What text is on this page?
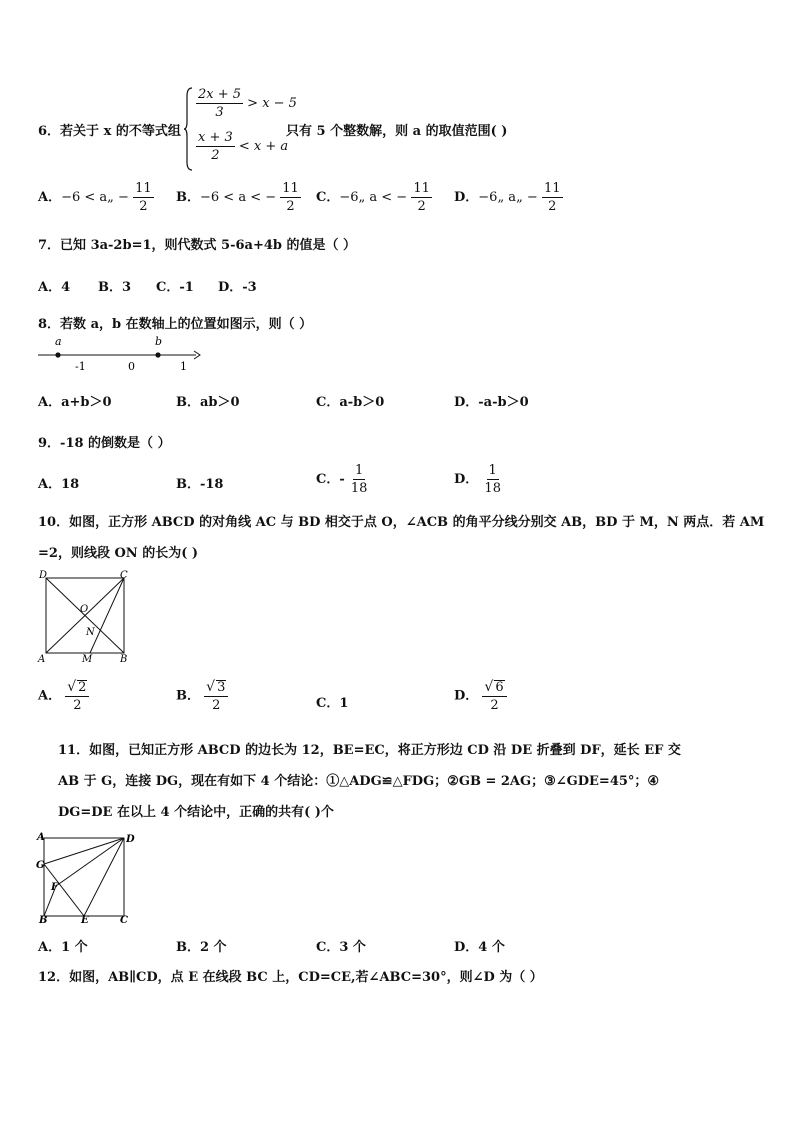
6．若关于 x 的不等式组
$\frac{2x + 5}{3} > x - 5$
$\frac{x + 3}{2} < x + a$
只有 5 个整数解，则 a 的取值范围( )
A．−6 < a„ − $\frac{11}{2}$ B．−6 < a < − $\frac{11}{2}$ C．−6„ a < − $\frac{11}{2}$ D．−6„ a„ − $\frac{11}{2}$
7．已知 3a-2b=1，则代数式 5-6a+4b 的值是（ ）
A．4 B．3 C．-1 D．-3
8．若数 a，b 在数轴上的位置如图示，则（ ）
a	b
-1	0	1
A．a+b＞0	B．ab＞0	C．a-b＞0	D．-a-b＞0
9．-18 的倒数是（ ）
A．18	B．-18	C．- $\frac{1}{18}$	D． $\frac{1}{18}$
10．如图，正方形 ABCD 的对角线 AC 与 BD 相交于点 O，∠ACB 的角平分线分别交 AB，BD 于 M，N 两点．若 AM
=2，则线段 ON 的长为( )
D	C
A	B
O
N
M
A． $\frac{√ 2}{2}$	B． $\frac{√ 3}{2}$	C．1	D． $\frac{√ 6}{2}$
11．如图，已知正方形 ABCD 的边长为 12，BE=EC，将正方形边 CD 沿 DE 折叠到 DF，延长 EF 交
AB 于 G，连接 DG，现在有如下 4 个结论：①△ADG≌△FDG；②GB = 2AG；③∠GDE=45°；④
DG=DE 在以上 4 个结论中，正确的共有( )个
A	D
G
F
B	E	C
A．1 个	B．2 个	C．3 个	D．4 个
12．如图，AB∥CD，点 E 在线段 BC 上，CD=CE,若∠ABC=30°，则∠D 为（ ）
